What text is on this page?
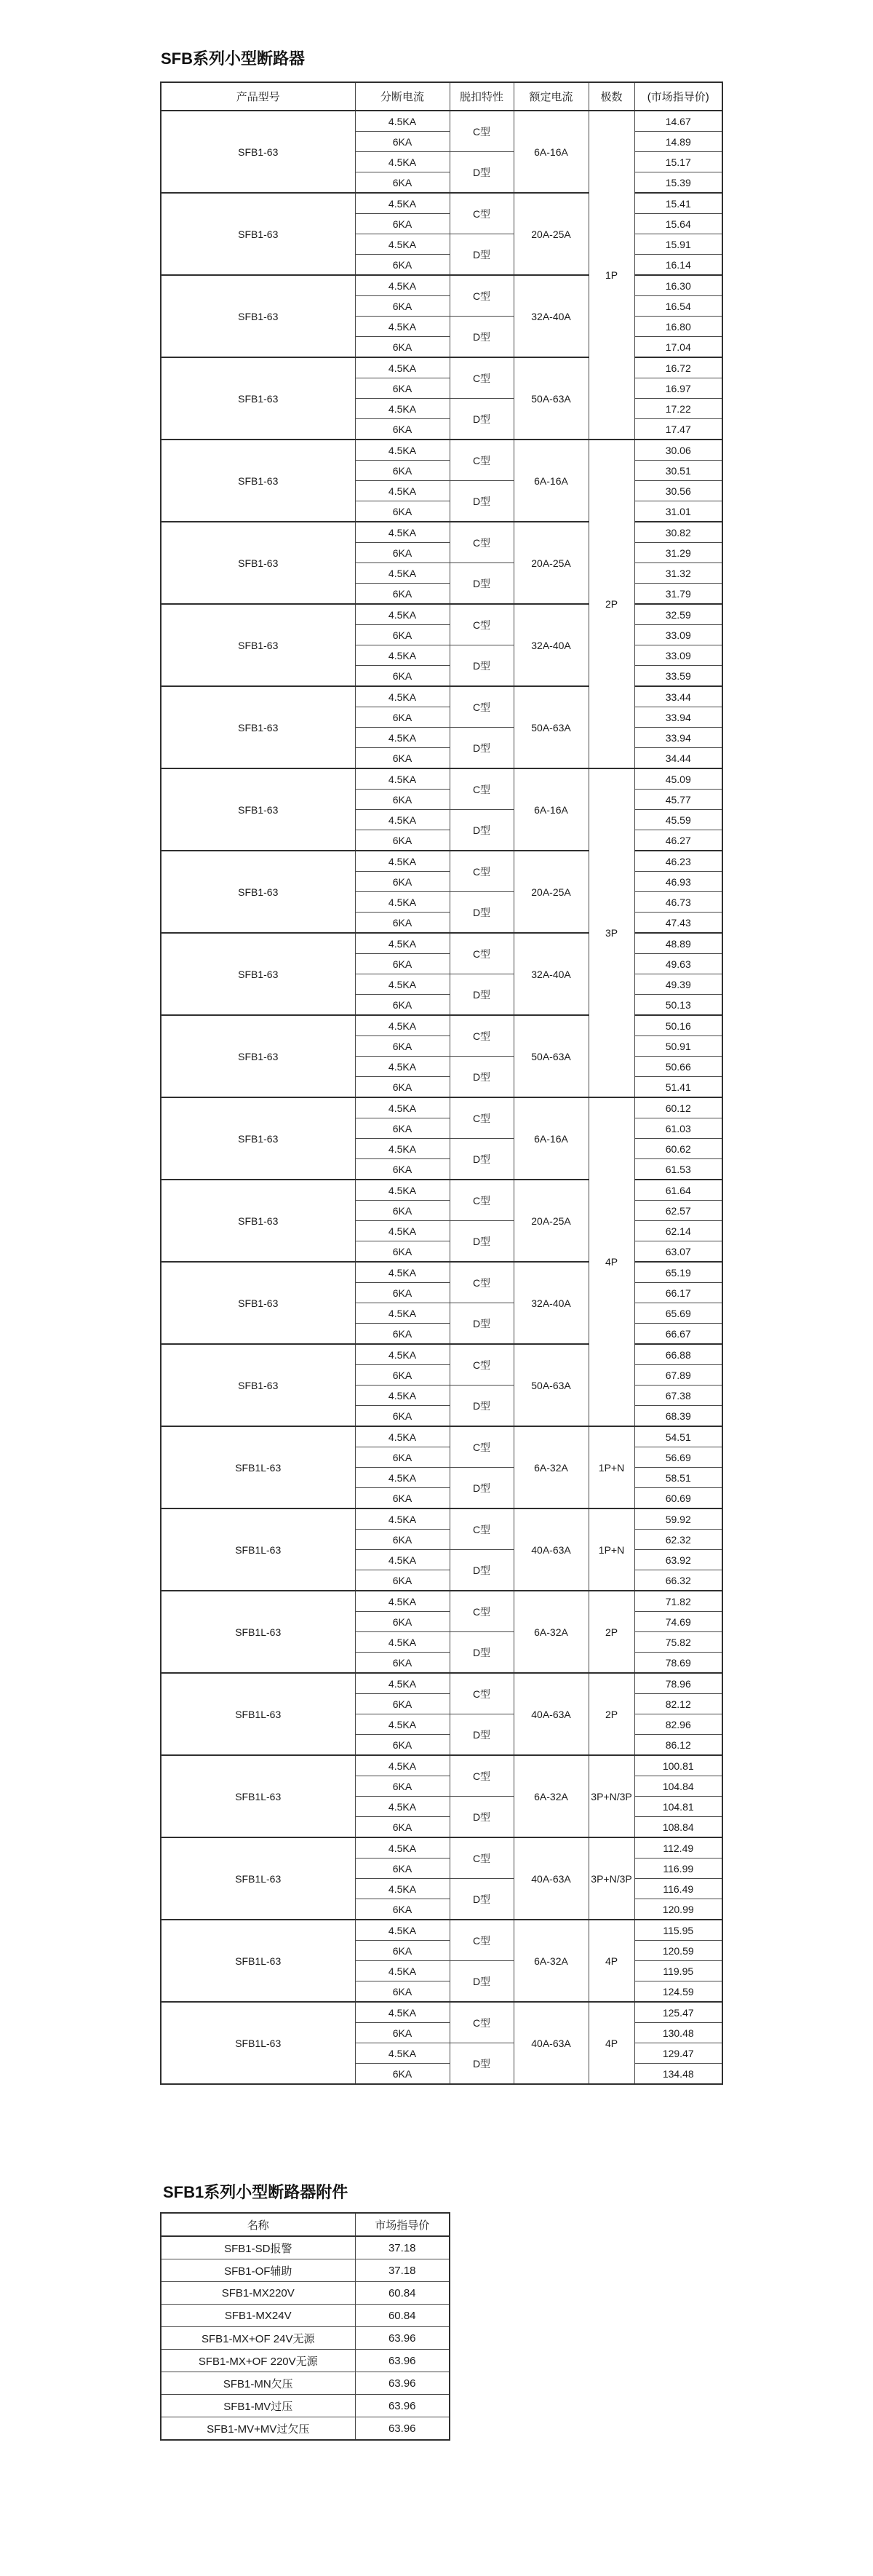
SFB系列小型断路器
产品型号	分断电流	脱扣特性	额定电流	极数	(市场指导价)
SFB1-63	4.5KA	C型	6A-16A	1P	14.67
	6KA				14.89
	4.5KA	D型			15.17
	6KA				15.39
SFB1-63	4.5KA	C型	20A-25A		15.41
	6KA				15.64
	4.5KA	D型			15.91
	6KA				16.14
SFB1-63	4.5KA	C型	32A-40A		16.30
	6KA				16.54
	4.5KA	D型			16.80
	6KA				17.04
SFB1-63	4.5KA	C型	50A-63A		16.72
	6KA				16.97
	4.5KA	D型			17.22
	6KA				17.47
SFB1-63	4.5KA	C型	6A-16A	2P	30.06
	6KA				30.51
	4.5KA	D型			30.56
	6KA				31.01
SFB1-63	4.5KA	C型	20A-25A		30.82
	6KA				31.29
	4.5KA	D型			31.32
	6KA				31.79
SFB1-63	4.5KA	C型	32A-40A		32.59
	6KA				33.09
	4.5KA	D型			33.09
	6KA				33.59
SFB1-63	4.5KA	C型	50A-63A		33.44
	6KA				33.94
	4.5KA	D型			33.94
	6KA				34.44
SFB1-63	4.5KA	C型	6A-16A	3P	45.09
	6KA				45.77
	4.5KA	D型			45.59
	6KA				46.27
SFB1-63	4.5KA	C型	20A-25A		46.23
	6KA				46.93
	4.5KA	D型			46.73
	6KA				47.43
SFB1-63	4.5KA	C型	32A-40A		48.89
	6KA				49.63
	4.5KA	D型			49.39
	6KA				50.13
SFB1-63	4.5KA	C型	50A-63A		50.16
	6KA				50.91
	4.5KA	D型			50.66
	6KA				51.41
SFB1-63	4.5KA	C型	6A-16A	4P	60.12
	6KA				61.03
	4.5KA	D型			60.62
	6KA				61.53
SFB1-63	4.5KA	C型	20A-25A		61.64
	6KA				62.57
	4.5KA	D型			62.14
	6KA				63.07
SFB1-63	4.5KA	C型	32A-40A		65.19
	6KA				66.17
	4.5KA	D型			65.69
	6KA				66.67
SFB1-63	4.5KA	C型	50A-63A		66.88
	6KA				67.89
	4.5KA	D型			67.38
	6KA				68.39
SFB1L-63	4.5KA	C型	6A-32A	1P+N	54.51
	6KA				56.69
	4.5KA	D型			58.51
	6KA				60.69
SFB1L-63	4.5KA	C型	40A-63A	1P+N	59.92
	6KA				62.32
	4.5KA	D型			63.92
	6KA				66.32
SFB1L-63	4.5KA	C型	6A-32A	2P	71.82
	6KA				74.69
	4.5KA	D型			75.82
	6KA				78.69
SFB1L-63	4.5KA	C型	40A-63A	2P	78.96
	6KA				82.12
	4.5KA	D型			82.96
	6KA				86.12
SFB1L-63	4.5KA	C型	6A-32A	3P+N/3P	100.81
	6KA				104.84
	4.5KA	D型			104.81
	6KA				108.84
SFB1L-63	4.5KA	C型	40A-63A	3P+N/3P	112.49
	6KA				116.99
	4.5KA	D型			116.49
	6KA				120.99
SFB1L-63	4.5KA	C型	6A-32A	4P	115.95
	6KA				120.59
	4.5KA	D型			119.95
	6KA				124.59
SFB1L-63	4.5KA	C型	40A-63A	4P	125.47
	6KA				130.48
	4.5KA	D型			129.47
	6KA				134.48
SFB1系列小型断路器附件
名称	市场指导价
SFB1-SD报警	37.18
SFB1-OF辅助	37.18
SFB1-MX220V	60.84
SFB1-MX24V	60.84
SFB1-MX+OF 24V无源	63.96
SFB1-MX+OF 220V无源	63.96
SFB1-MN欠压	63.96
SFB1-MV过压	63.96
SFB1-MV+MV过欠压	63.96
